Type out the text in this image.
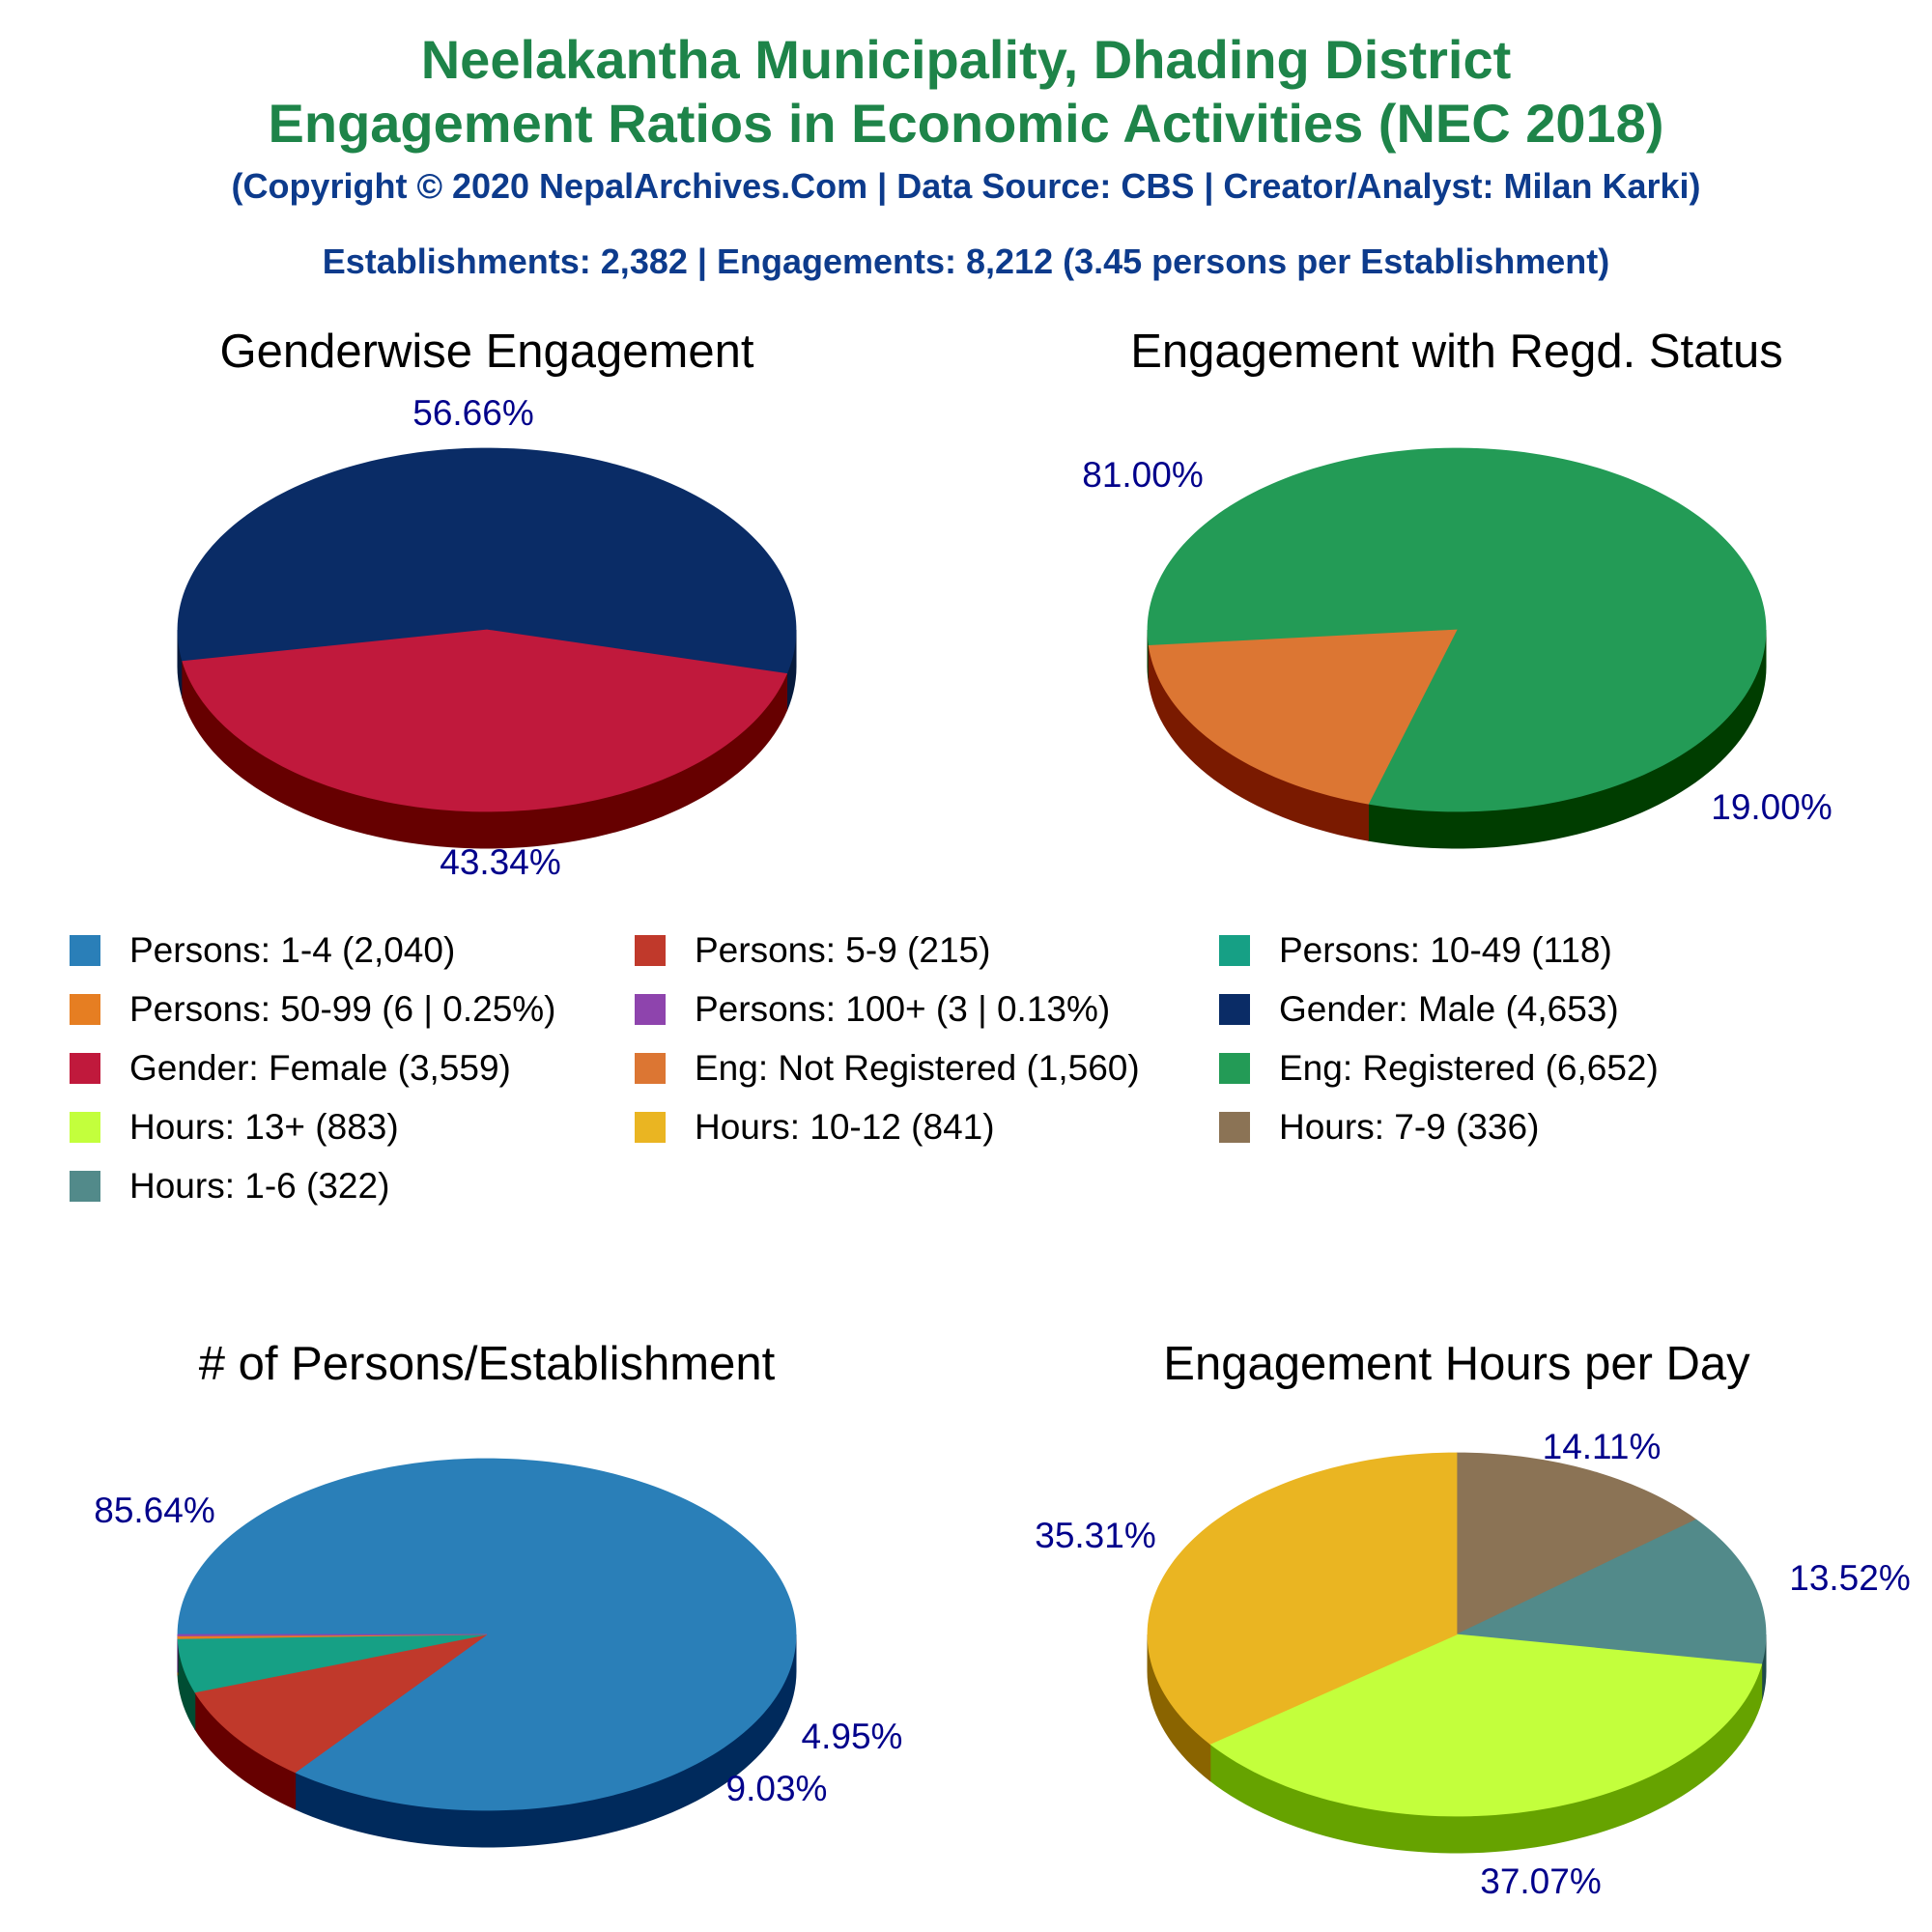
Neelakantha Municipality, Dhading District
Engagement Ratios in Economic Activities (NEC 2018)
(Copyright © 2020 NepalArchives.Com | Data Source: CBS | Creator/Analyst: Milan Karki)
Establishments: 2,382 | Engagements: 8,212 (3.45 persons per Establishment)
Genderwise Engagement
56.66%
43.34%
Engagement with Regd. Status
81.00%
19.00%
# of Persons/Establishment
85.64%
9.03%
4.95%
Engagement Hours per Day
14.11%
13.52%
37.07%
35.31%
Persons: 1-4 (2,040)	Persons: 5-9 (215)	Persons: 10-49 (118)
Persons: 50-99 (6 | 0.25%)	Persons: 100+ (3 | 0.13%)	Gender: Male (4,653)
Gender: Female (3,559)	Eng: Not Registered (1,560)	Eng: Registered (6,652)
Hours: 13+ (883)	Hours: 10-12 (841)	Hours: 7-9 (336)
Hours: 1-6 (322)
